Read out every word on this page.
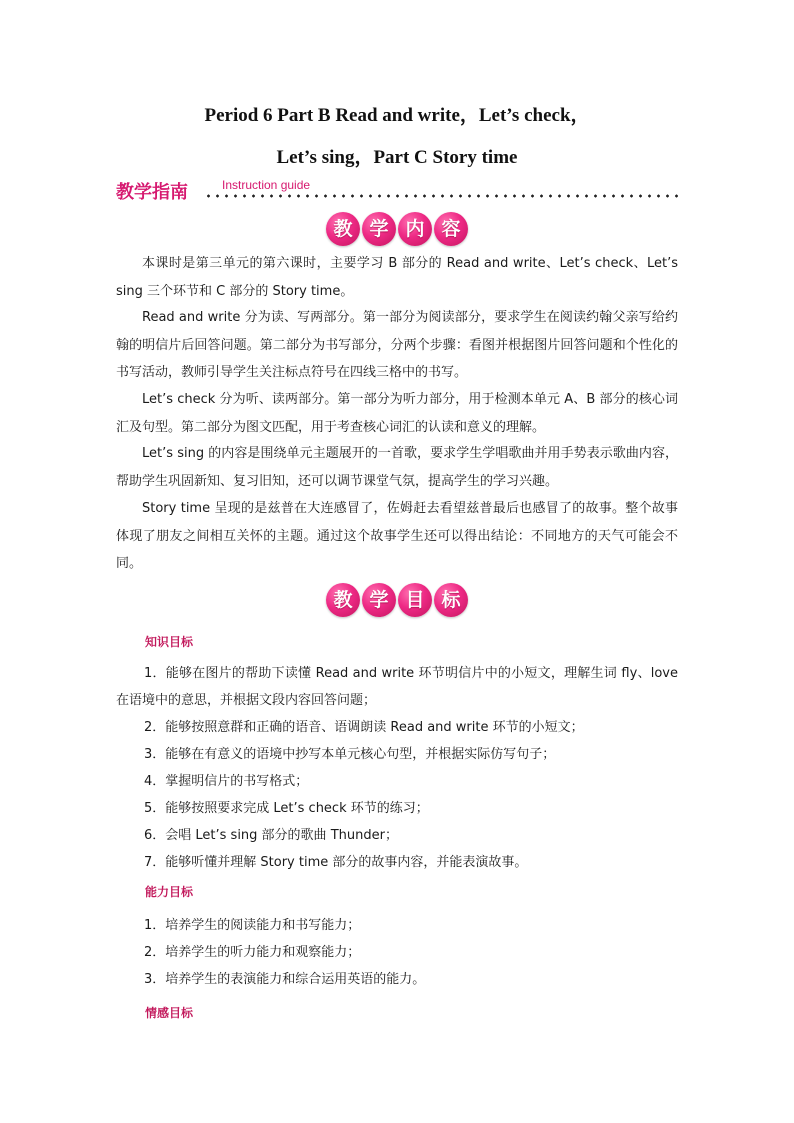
Period 6 Part B Read and write，Let’s check，
Let’s sing，Part C Story time
教学指南	Instruction guide
教 学 内 容
本课时是第三单元的第六课时，主要学习 B 部分的 Read and write、Let’s check、Let’s sing 三个环节和 C 部分的 Story time。
Read and write 分为读、写两部分。第一部分为阅读部分，要求学生在阅读约翰父亲写给约翰的明信片后回答问题。第二部分为书写部分，分两个步骤：看图并根据图片回答问题和个性化的书写活动，教师引导学生关注标点符号在四线三格中的书写。
Let’s check 分为听、读两部分。第一部分为听力部分，用于检测本单元 A、B 部分的核心词汇及句型。第二部分为图文匹配，用于考查核心词汇的认读和意义的理解。
Let’s sing 的内容是围绕单元主题展开的一首歌，要求学生学唱歌曲并用手势表示歌曲内容，帮助学生巩固新知、复习旧知，还可以调节课堂气氛，提高学生的学习兴趣。
Story time 呈现的是兹普在大连感冒了，佐姆赶去看望兹普最后也感冒了的故事。整个故事体现了朋友之间相互关怀的主题。通过这个故事学生还可以得出结论：不同地方的天气可能会不同。
教 学 目 标
知识目标
1．能够在图片的帮助下读懂 Read and write 环节明信片中的小短文，理解生词 fly、love 在语境中的意思，并根据文段内容回答问题；
2．能够按照意群和正确的语音、语调朗读 Read and write 环节的小短文；
3．能够在有意义的语境中抄写本单元核心句型，并根据实际仿写句子；
4．掌握明信片的书写格式；
5．能够按照要求完成 Let’s check 环节的练习；
6．会唱 Let’s sing 部分的歌曲 Thunder；
7．能够听懂并理解 Story time 部分的故事内容，并能表演故事。
能力目标
1．培养学生的阅读能力和书写能力；
2．培养学生的听力能力和观察能力；
3．培养学生的表演能力和综合运用英语的能力。
情感目标
